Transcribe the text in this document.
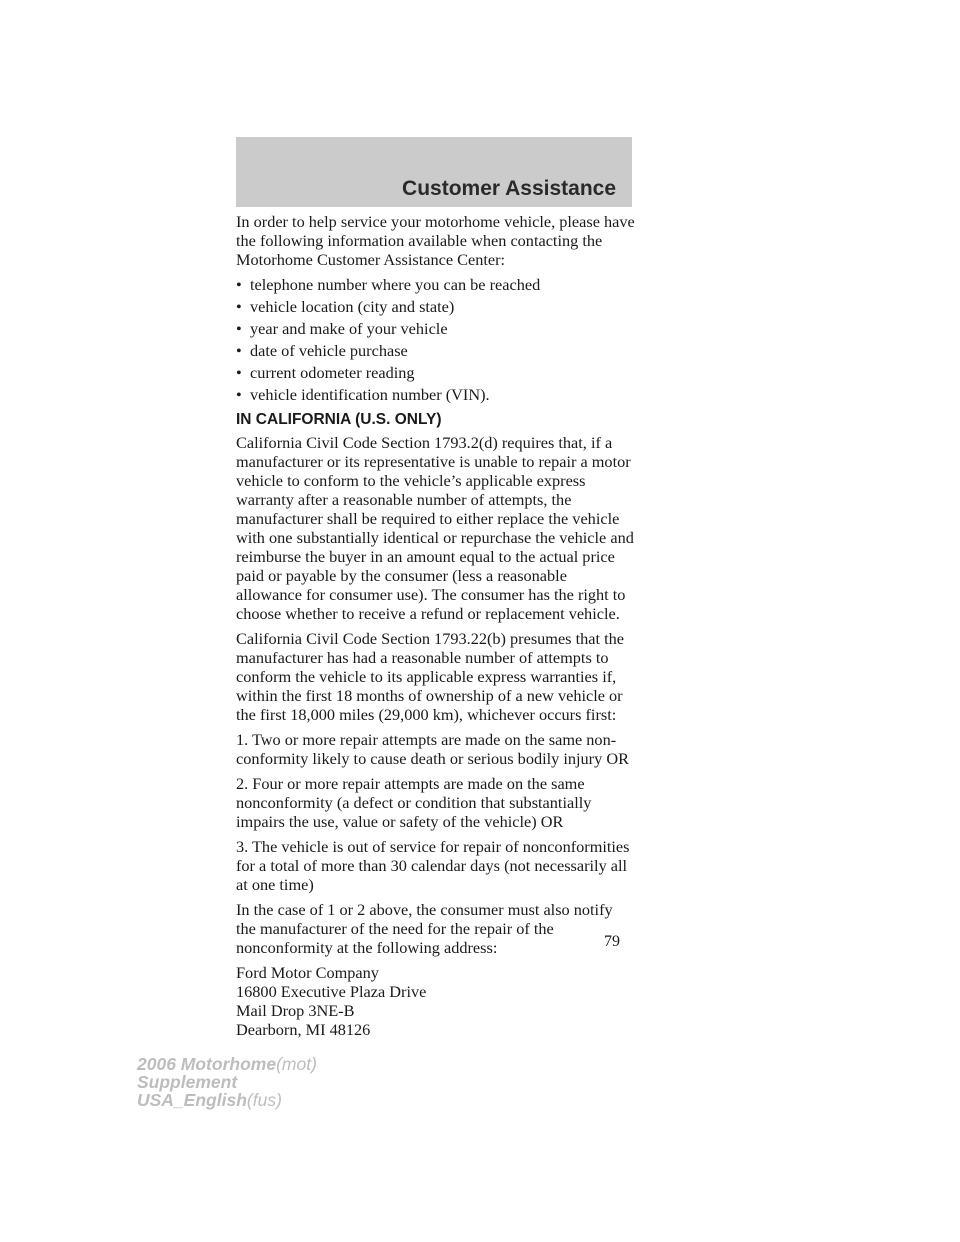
Customer Assistance

In order to help service your motorhome vehicle, please have the following information available when contacting the Motorhome Customer Assistance Center:

• telephone number where you can be reached
• vehicle location (city and state)
• year and make of your vehicle
• date of vehicle purchase
• current odometer reading
• vehicle identification number (VIN).
IN CALIFORNIA (U.S. ONLY)

California Civil Code Section 1793.2(d) requires that, if a manufacturer or its representative is unable to repair a motor vehicle to conform to the vehicle’s applicable express warranty after a reasonable number of attempts, the manufacturer shall be required to either replace the vehicle with one substantially identical or repurchase the vehicle and reimburse the buyer in an amount equal to the actual price paid or payable by the consumer (less a reasonable allowance for consumer use). The consumer has the right to choose whether to receive a refund or replacement vehicle.

California Civil Code Section 1793.22(b) presumes that the manufacturer has had a reasonable number of attempts to conform the vehicle to its applicable express warranties if, within the first 18 months of ownership of a new vehicle or the first 18,000 miles (29,000 km), whichever occurs first:

1. Two or more repair attempts are made on the same non-conformity likely to cause death or serious bodily injury OR

2. Four or more repair attempts are made on the same nonconformity (a defect or condition that substantially impairs the use, value or safety of the vehicle) OR

3. The vehicle is out of service for repair of nonconformities for a total of more than 30 calendar days (not necessarily all at one time)

In the case of 1 or 2 above, the consumer must also notify the manufacturer of the need for the repair of the nonconformity at the following address:

Ford Motor Company

16800 Executive Plaza Drive

Mail Drop 3NE-B

Dearborn, MI 48126

79
2006 Motorhome(mot)
Supplement
USA_English(fus)
